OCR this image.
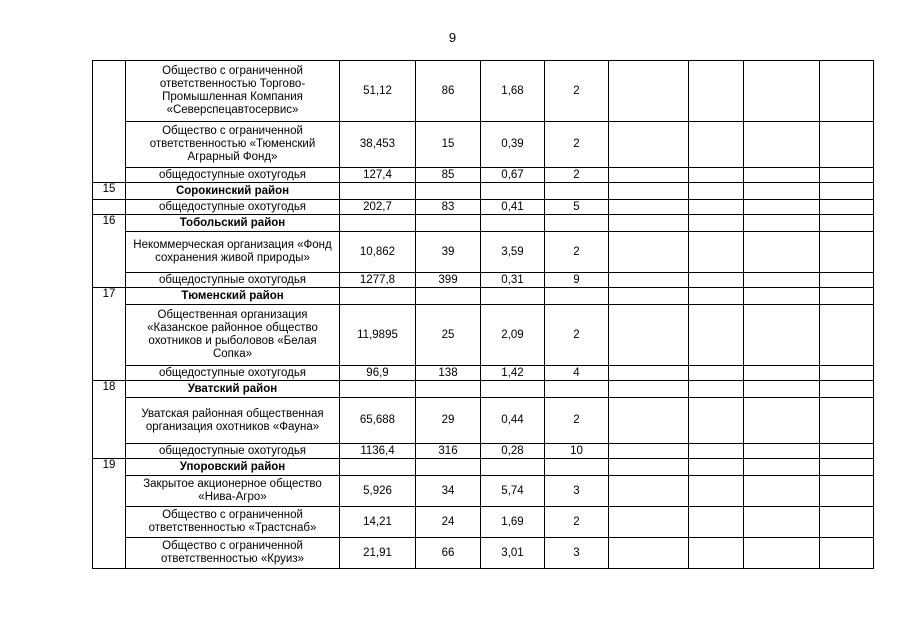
9
	Общество с ограниченной ответственностью Торгово-Промышленная Компания «Северспецавтосервис»	51,12	86	1,68	2				
	Общество с ограниченной ответственностью «Тюменский Аграрный Фонд»	38,453	15	0,39	2				
	общедоступные охотугодья	127,4	85	0,67	2				
15	Сорокинский район								
	общедоступные охотугодья	202,7	83	0,41	5				
16	Тобольский район								
	Некоммерческая организация «Фонд сохранения живой природы»	10,862	39	3,59	2				
	общедоступные охотугодья	1277,8	399	0,31	9				
17	Тюменский район								
	Общественная организация «Казанское районное общество охотников и рыболовов «Белая Сопка»	11,9895	25	2,09	2				
	общедоступные охотугодья	96,9	138	1,42	4				
18	Уватский район								
	Уватская районная общественная организация охотников «Фауна»	65,688	29	0,44	2				
	общедоступные охотугодья	1136,4	316	0,28	10				
19	Упоровский район								
	Закрытое акционерное общество «Нива-Агро»	5,926	34	5,74	3				
	Общество с ограниченной ответственностью «Трастснаб»	14,21	24	1,69	2				
	Общество с ограниченной ответственностью «Круиз»	21,91	66	3,01	3				
